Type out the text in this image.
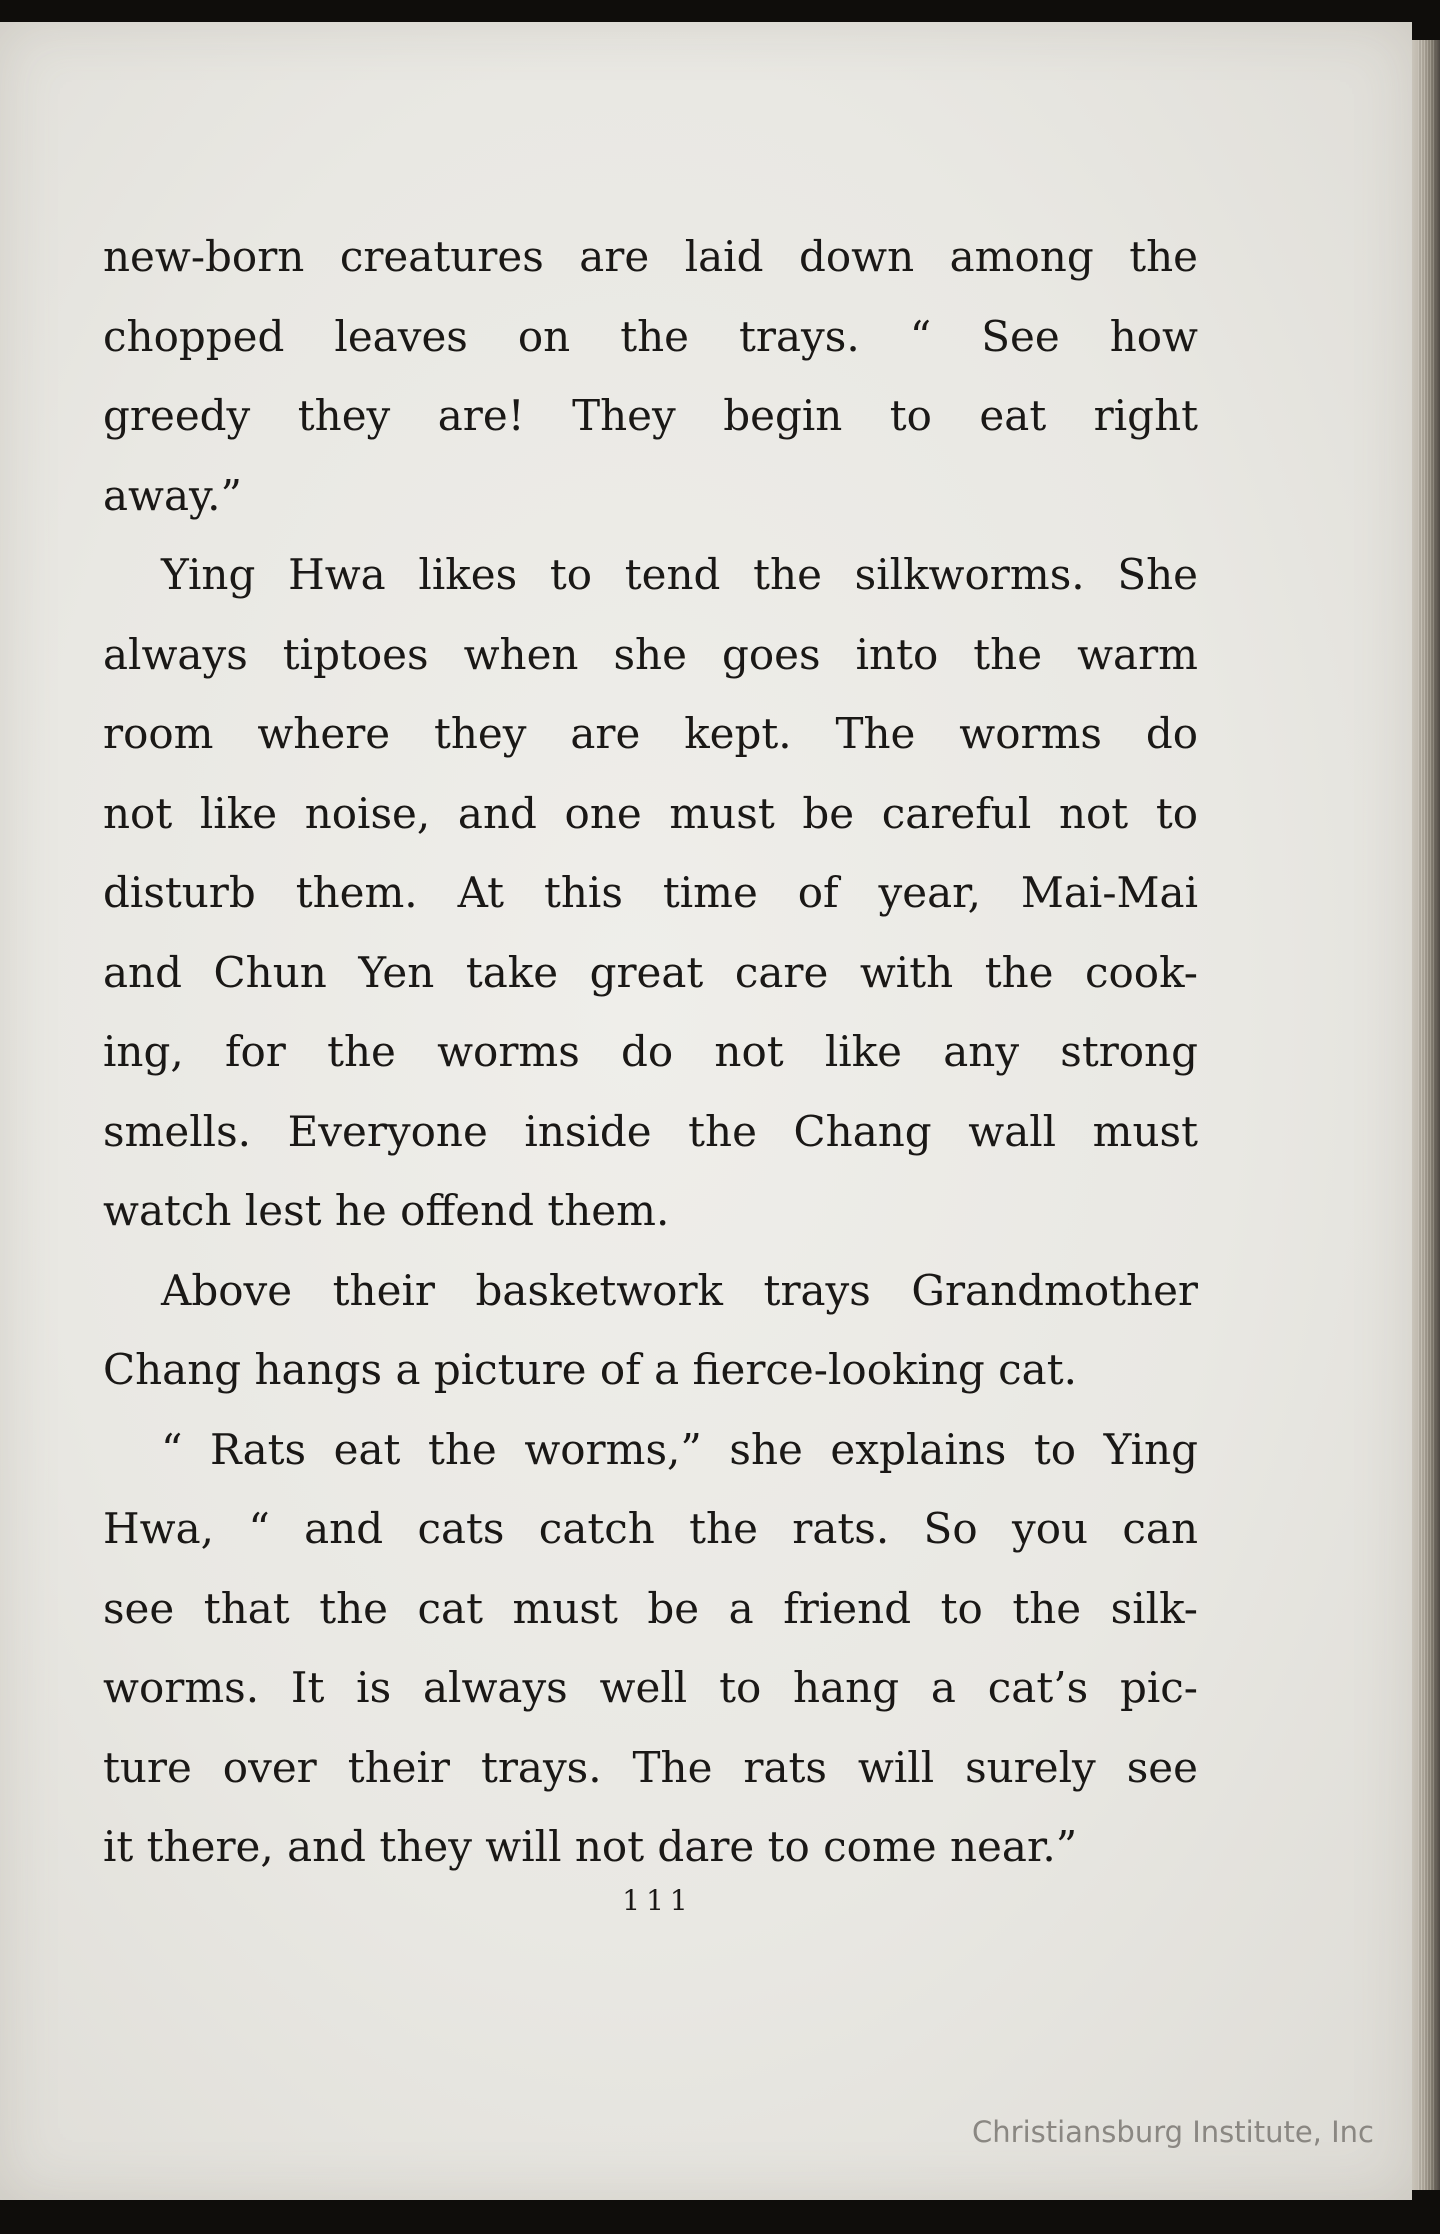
new-born creatures are laid down among the
chopped leaves on the trays. “ See how
greedy they are! They begin to eat right
away.”
Ying Hwa likes to tend the silkworms. She
always tiptoes when she goes into the warm
room where they are kept. The worms do
not like noise, and one must be careful not to
disturb them. At this time of year, Mai-Mai
and Chun Yen take great care with the cook-
ing, for the worms do not like any strong
smells. Everyone inside the Chang wall must
watch lest he offend them.
Above their basketwork trays Grandmother
Chang hangs a picture of a fierce-looking cat.
“ Rats eat the worms,” she explains to Ying
Hwa, “ and cats catch the rats. So you can
see that the cat must be a friend to the silk-
worms. It is always well to hang a cat’s pic-
ture over their trays. The rats will surely see
it there, and they will not dare to come near.”
111
Christiansburg Institute, Inc
